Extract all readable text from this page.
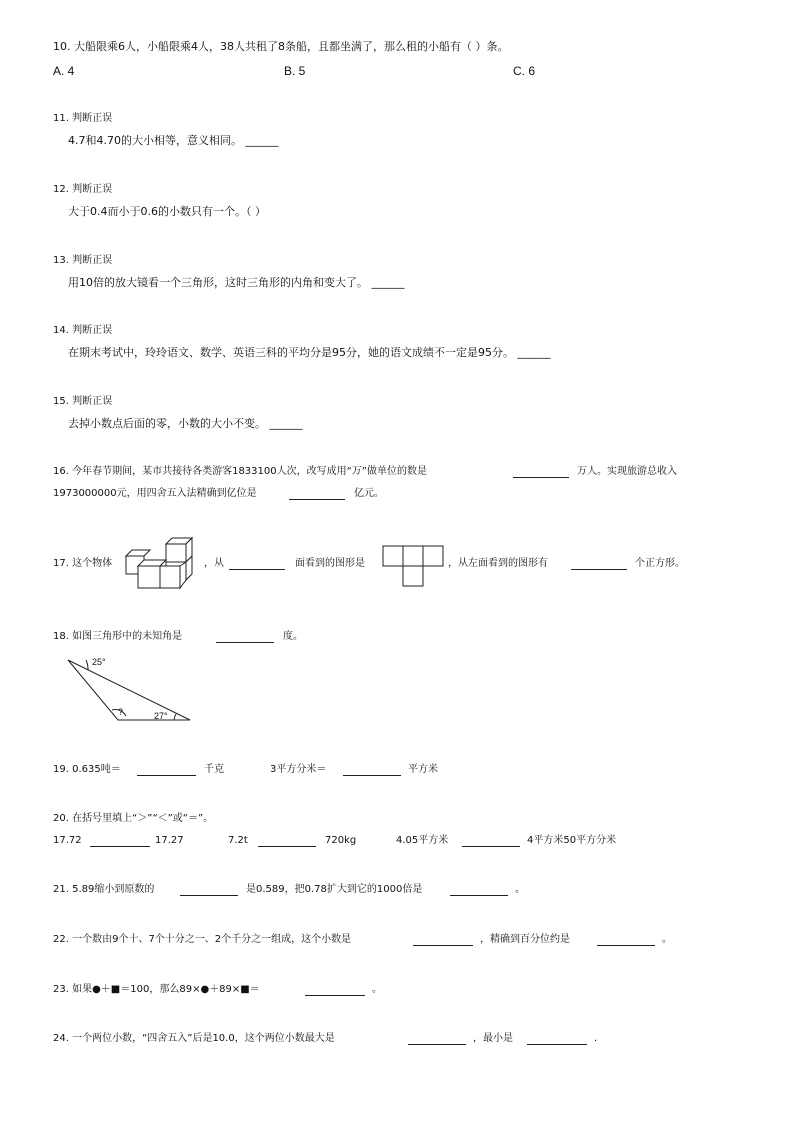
10. 大船限乘6人，小船限乘4人，38人共租了8条船，且都坐满了，那么租的小船有（ ）条。
A. 4	B. 5	C. 6
11. 判断正误
4.7和4.70的大小相等，意义相同。 ______
12. 判断正误
大于0.4而小于0.6的小数只有一个。（ ）
13. 判断正误
用10倍的放大镜看一个三角形，这时三角形的内角和变大了。 ______
14. 判断正误
在期末考试中，玲玲语文、数学、英语三科的平均分是95分，她的语文成绩不一定是95分。 ______
15. 判断正误
去掉小数点后面的零，小数的大小不变。 ______
16. 今年春节期间，某市共接待各类游客1833100人次，改写成用“万”做单位的数是	万人。实现旅游总收入
1973000000元，用四舍五入法精确到亿位是	亿元。
17. 这个物体	，从	面看到的图形是	，从左面看到的图形有	个正方形。
18. 如图三角形中的未知角是	度。
25°
?	27°
19. 0.635吨＝	千克	3平方分米＝	平方米
20. 在括号里填上“＞”“＜”或“＝”。
17.72	17.27	7.2t	720kg	4.05平方米	4平方米50平方分米
21. 5.89缩小到原数的	是0.589，把0.78扩大到它的1000倍是	。
22. 一个数由9个十、7个十分之一、2个千分之一组成，这个小数是	，精确到百分位约是	。
23. 如果●＋■＝100，那么89×●＋89×■＝	。
24. 一个两位小数，“四舍五入”后是10.0，这个两位小数最大是	，最小是	.
